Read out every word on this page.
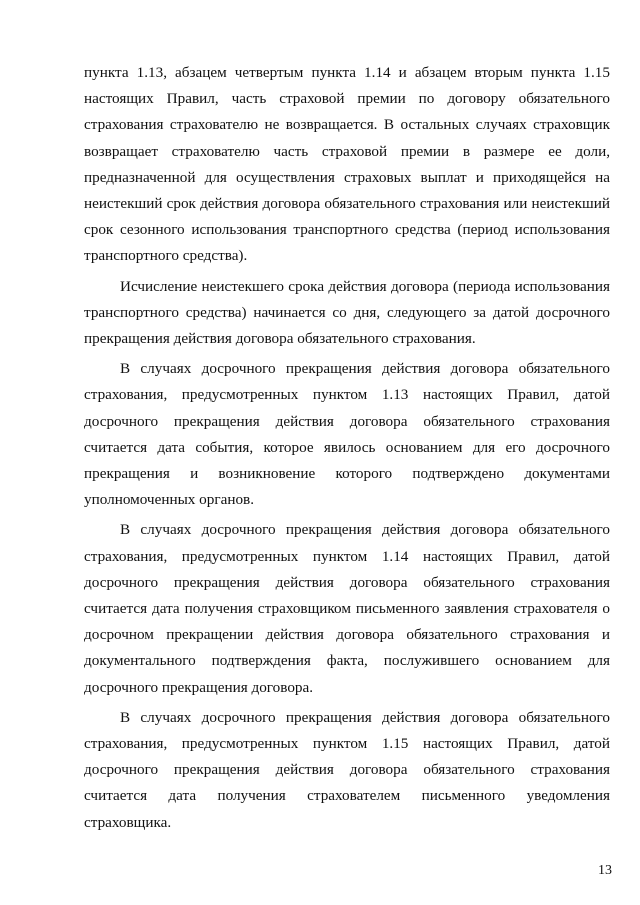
пункта 1.13, абзацем четвертым пункта 1.14 и абзацем вторым пункта 1.15 настоящих Правил, часть страховой премии по договору обязательного страхования страхователю не возвращается. В остальных случаях страховщик возвращает страхователю часть страховой премии в размере ее доли, предназначенной для осуществления страховых выплат и приходящейся на неистекший срок действия договора обязательного страхования или неистекший срок сезонного использования транспортного средства (период использования транспортного средства).

Исчисление неистекшего срока действия договора (периода использования транспортного средства) начинается со дня, следующего за датой досрочного прекращения действия договора обязательного страхования.

В случаях досрочного прекращения действия договора обязательного страхования, предусмотренных пунктом 1.13 настоящих Правил, датой досрочного прекращения действия договора обязательного страхования считается дата события, которое явилось основанием для его досрочного прекращения и возникновение которого подтверждено документами уполномоченных органов.

В случаях досрочного прекращения действия договора обязательного страхования, предусмотренных пунктом 1.14 настоящих Правил, датой досрочного прекращения действия договора обязательного страхования считается дата получения страховщиком письменного заявления страхователя о досрочном прекращении действия договора обязательного страхования и документального подтверждения факта, послужившего основанием для досрочного прекращения договора.

В случаях досрочного прекращения действия договора обязательного страхования, предусмотренных пунктом 1.15 настоящих Правил, датой досрочного прекращения действия договора обязательного страхования считается дата получения страхователем письменного уведомления страховщика.

13
